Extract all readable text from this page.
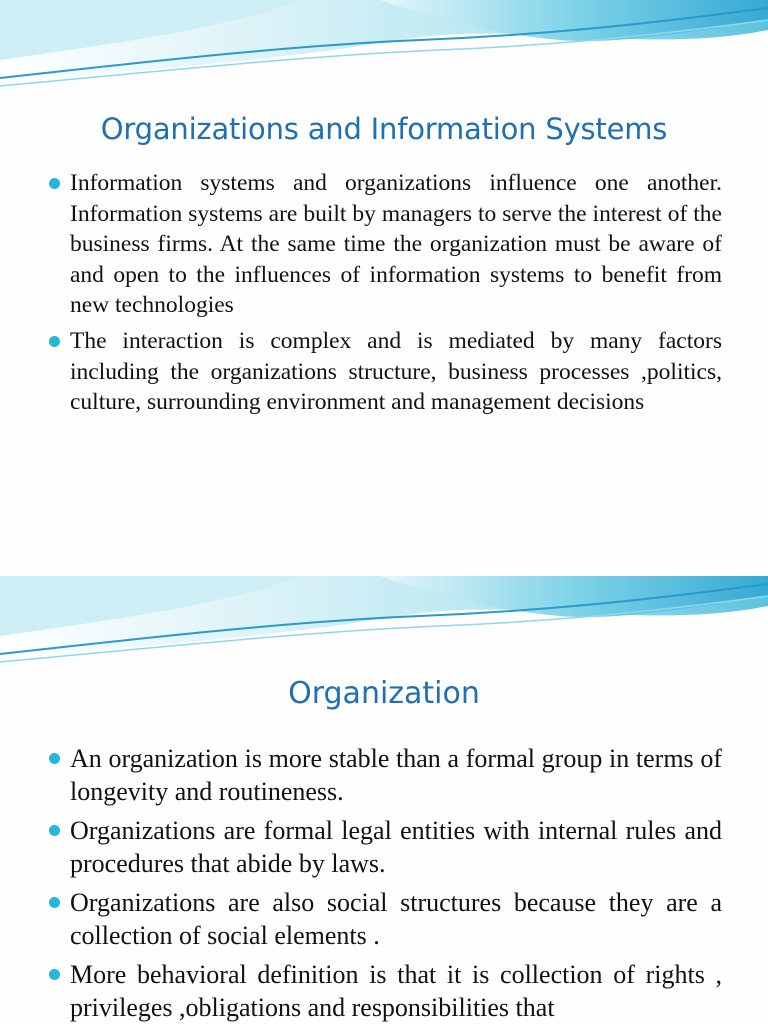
Organizations and Information Systems
Information systems and organizations influence one another. Information systems are built by managers to serve the interest of the business firms. At the same time the organization must be aware of and open to the influences of information systems to benefit from new technologies
The interaction is complex and is mediated by many factors including the organizations structure, business processes ,politics, culture, surrounding environment and management decisions
Organization
An organization is more stable than a formal group in terms of longevity and routineness.
Organizations are formal legal entities with internal rules and procedures that abide by laws.
Organizations are also social structures because they are a collection of social elements .
More behavioral definition is that it is collection of rights , privileges ,obligations and responsibilities that
